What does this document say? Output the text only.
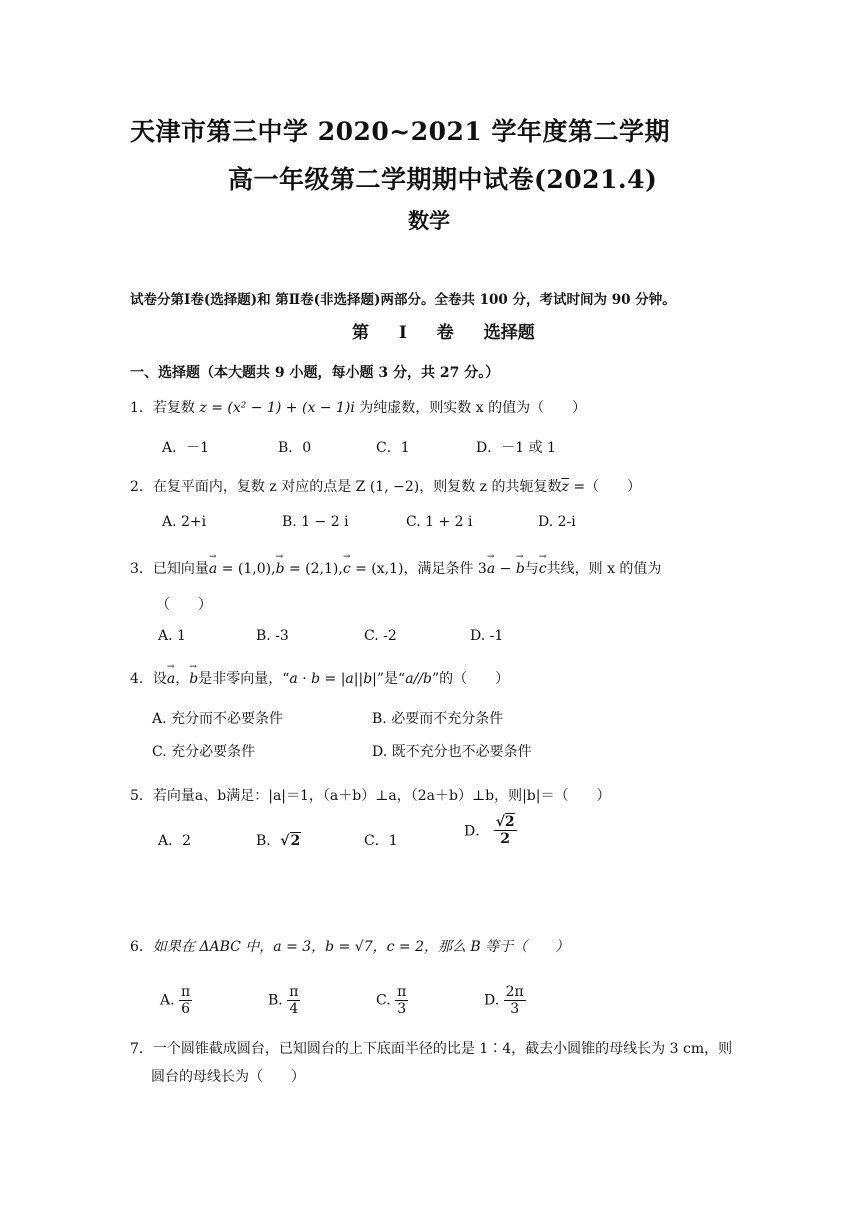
天津市第三中学 2020~2021 学年度第二学期
高一年级第二学期期中试卷(2021.4)
数学
试卷分第Ⅰ卷(选择题)和 第Ⅱ卷(非选择题)两部分。全卷共 100 分，考试时间为 90 分钟。
第 I 卷 选择题
一、选择题（本大题共 9 小题，每小题 3 分，共 27 分。）
1．若复数 z = (x² − 1) + (x − 1)i 为纯虚数，则实数 x 的值为（　　）
A．－1	B．0	C．1	D．－1 或 1
2．在复平面内，复数 z 对应的点是 Z (1, −2)，则复数 z 的共轭复数$\overline{z}$ =（　　）
A. 2+i	B. 1 − 2 i	C. 1 + 2 i	D. 2-i
3．已知向量→ a = (1,0),→ b = (2,1),→ c = (x,1)，满足条件 3→ a − → b与→ c共线，则 x 的值为
（　　）
A. 1	B. -3	C. -2	D. -1
4．设→ a，→ b是非零向量，“a · b = |a||b|”是“a//b”的（　　）
A. 充分而不必要条件	B. 必要而不充分条件
C. 充分必要条件	D. 既不充分也不必要条件
5．若向量a、b满足：|a|＝1，（a＋b）⊥a，（2a＋b）⊥b，则|b|＝（　　）
A．2	B．√2	C．1
D． $\frac{√2}{2}$
6．如果在 ΔABC 中，a = 3，b = √7，c = 2，那么 B 等于（　　）
A. $\frac{\pi}{6}$	B. $\frac{\pi}{4}$	C. $\frac{\pi}{3}$	D. $\frac{2\pi}{3}$
7．一个圆锥截成圆台，已知圆台的上下底面半径的比是 1∶4，截去小圆锥的母线长为 3 cm，则
圆台的母线长为（　　）
